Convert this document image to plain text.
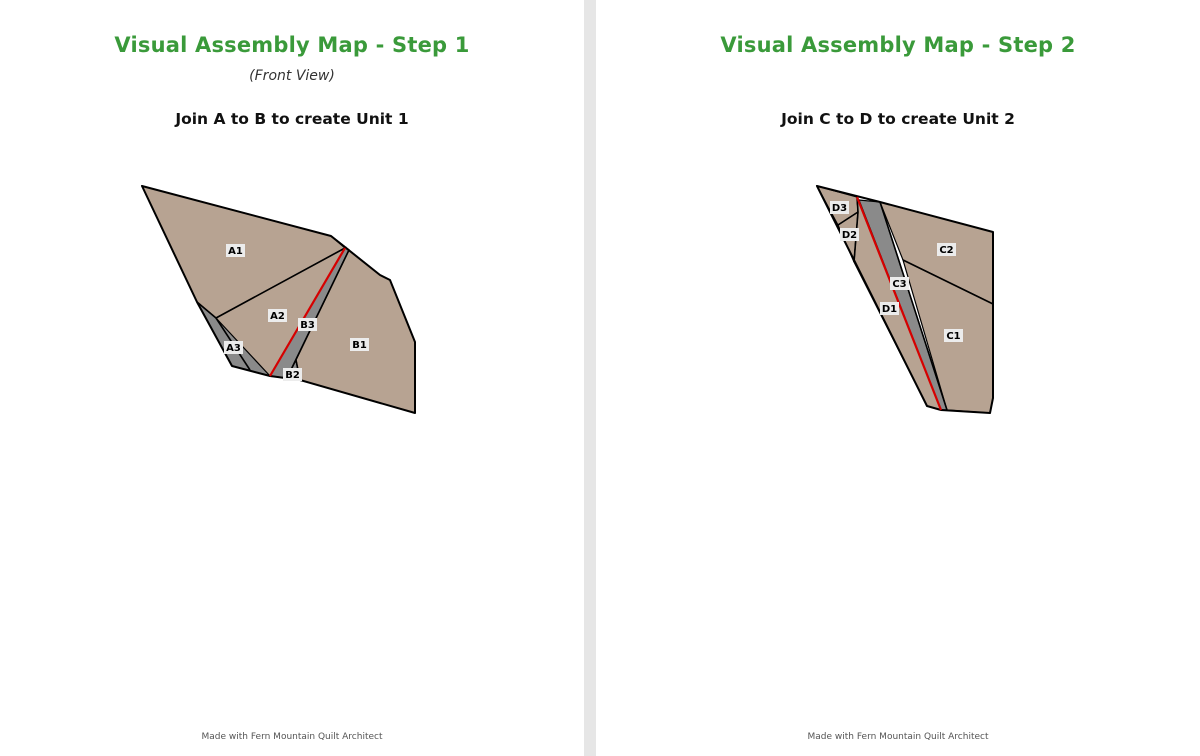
Visual Assembly Map - Step 1
(Front View)
Join A to B to create Unit 1
A1
A2
B3
A3	B1
B2
Made with Fern Mountain Quilt Architect
Visual Assembly Map - Step 2
Join C to D to create Unit 2
D3
D2
C2
C3
D1
C1
Made with Fern Mountain Quilt Architect
